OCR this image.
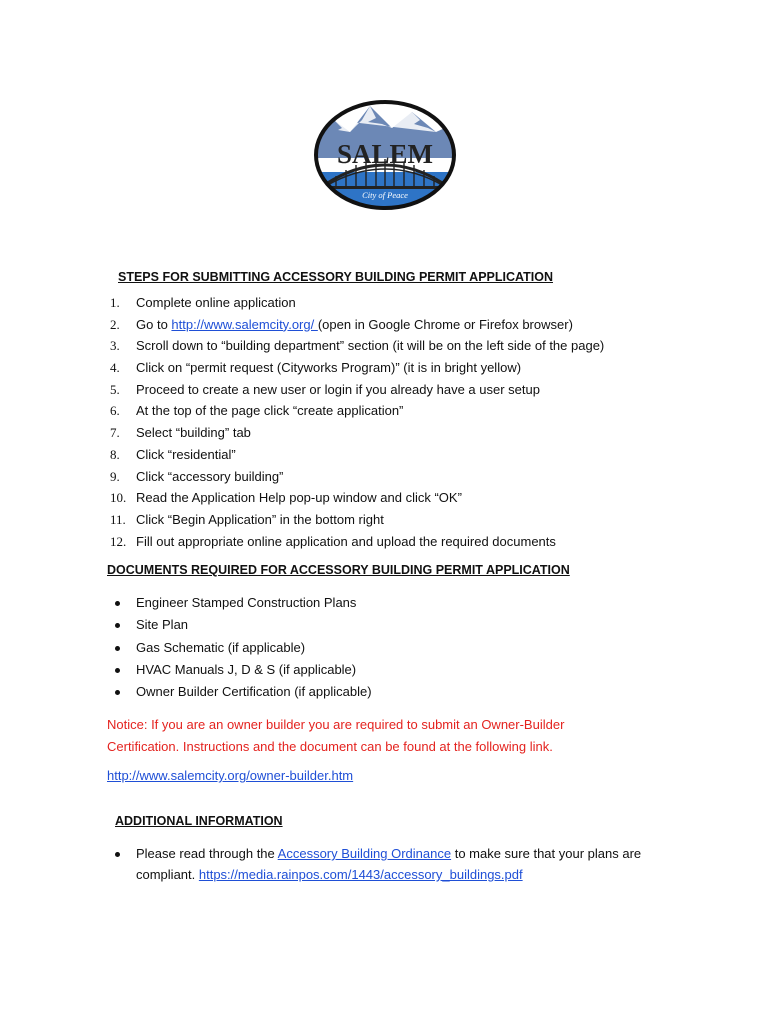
SALEM
City of Peace
STEPS FOR SUBMITTING ACCESSORY BUILDING PERMIT APPLICATION
1. Complete online application
2. Go to http://www.salemcity.org/ (open in Google Chrome or Firefox browser)
3. Scroll down to “building department” section (it will be on the left side of the page)
4. Click on “permit request (Cityworks Program)” (it is in bright yellow)
5. Proceed to create a new user or login if you already have a user setup
6. At the top of the page click “create application”
7. Select “building” tab
8. Click “residential”
9. Click “accessory building”
10. Read the Application Help pop-up window and click “OK”
11. Click “Begin Application” in the bottom right
12. Fill out appropriate online application and upload the required documents
DOCUMENTS REQUIRED FOR ACCESSORY BUILDING PERMIT APPLICATION
Engineer Stamped Construction Plans
Site Plan
Gas Schematic (if applicable)
HVAC Manuals J, D & S (if applicable)
Owner Builder Certification (if applicable)
Notice: If you are an owner builder you are required to submit an Owner-Builder Certification. Instructions and the document can be found at the following link.
http://www.salemcity.org/owner-builder.htm
ADDITIONAL INFORMATION
Please read through the Accessory Building Ordinance to make sure that your plans are compliant. https://media.rainpos.com/1443/accessory_buildings.pdf
